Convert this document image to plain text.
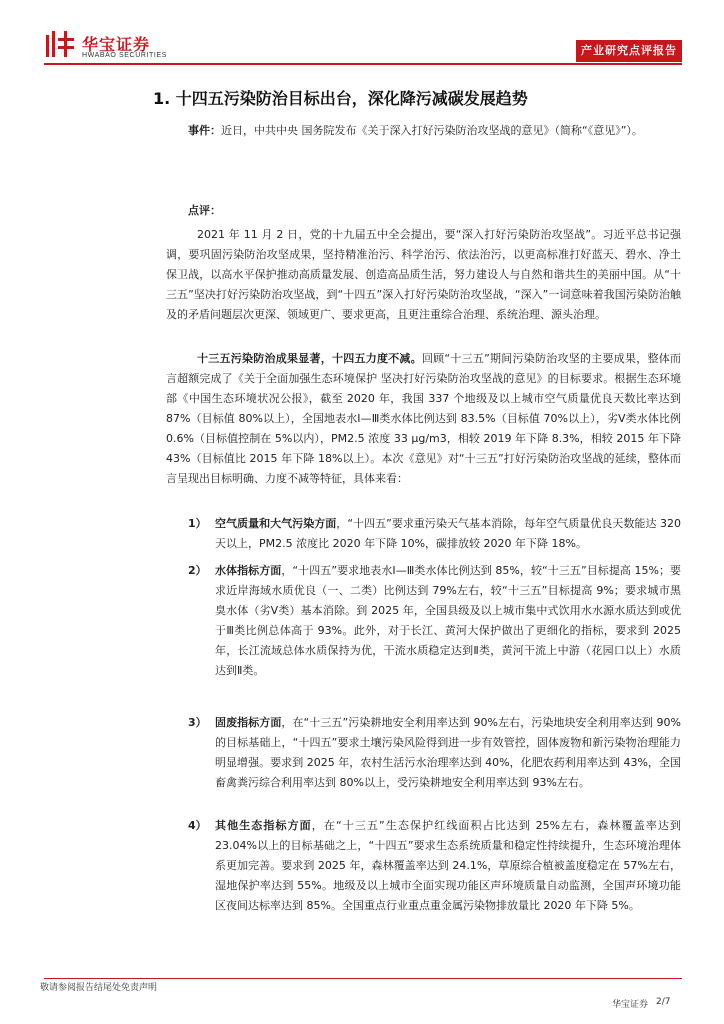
华宝证券
HWABAO SECURITIES	产业研究点评报告
1. 十四五污染防治目标出台，深化降污减碳发展趋势

事件：近日，中共中央 国务院发布《关于深入打好污染防治攻坚战的意见》（简称“《意见》”）。

点评：

2021 年 11 月 2 日，党的十九届五中全会提出，要“深入打好污染防治攻坚战”。习近平总书记强调，要巩固污染防治攻坚成果，坚持精准治污、科学治污、依法治污，以更高标准打好蓝天、碧水、净土保卫战，以高水平保护推动高质量发展、创造高品质生活，努力建设人与自然和谐共生的美丽中国。从“十三五”坚决打好污染防治攻坚战，到“十四五”深入打好污染防治攻坚战，“深入”一词意味着我国污染防治触及的矛盾问题层次更深、领域更广、要求更高，且更注重综合治理、系统治理、源头治理。

十三五污染防治成果显著，十四五力度不减。回顾“十三五”期间污染防治攻坚的主要成果，整体而言超额完成了《关于全面加强生态环境保护 坚决打好污染防治攻坚战的意见》的目标要求。根据生态环境部《中国生态环境状况公报》，截至 2020 年，我国 337 个地级及以上城市空气质量优良天数比率达到 87%（目标值 80%以上），全国地表水Ⅰ—Ⅲ类水体比例达到 83.5%（目标值 70%以上），劣Ⅴ类水体比例 0.6%（目标值控制在 5%以内），PM2.5 浓度 33 μg/m3，相较 2019 年下降 8.3%，相较 2015 年下降 43%（目标值比 2015 年下降 18%以上）。本次《意见》对“十三五”打好污染防治攻坚战的延续，整体而言呈现出目标明确、力度不减等特征，具体来看：

1） 空气质量和大气污染方面，“十四五”要求重污染天气基本消除，每年空气质量优良天数能达 320 天以上，PM2.5 浓度比 2020 年下降 10%，碳排放较 2020 年下降 18%。
2） 水体指标方面，“十四五”要求地表水Ⅰ—Ⅲ类水体比例达到 85%，较“十三五”目标提高 15%；要求近岸海域水质优良（一、二类）比例达到 79%左右，较“十三五”目标提高 9%；要求城市黑臭水体（劣Ⅴ类）基本消除。到 2025 年，全国县级及以上城市集中式饮用水水源水质达到或优于Ⅲ类比例总体高于 93%。此外，对于长江、黄河大保护做出了更细化的指标，要求到 2025 年，长江流域总体水质保持为优，干流水质稳定达到Ⅱ类，黄河干流上中游（花园口以上）水质达到Ⅱ类。
3） 固废指标方面，在“十三五”污染耕地安全利用率达到 90%左右，污染地块安全利用率达到 90%的目标基础上，“十四五”要求土壤污染风险得到进一步有效管控，固体废物和新污染物治理能力明显增强。要求到 2025 年，农村生活污水治理率达到 40%，化肥农药利用率达到 43%，全国畜禽粪污综合利用率达到 80%以上，受污染耕地安全利用率达到 93%左右。
4） 其他生态指标方面，在“十三五”生态保护红线面积占比达到 25%左右，森林覆盖率达到 23.04%以上的目标基础之上，“十四五”要求生态系统质量和稳定性持续提升，生态环境治理体系更加完善。要求到 2025 年，森林覆盖率达到 24.1%，草原综合植被盖度稳定在 57%左右，湿地保护率达到 55%。地级及以上城市全面实现功能区声环境质量自动监测，全国声环境功能区夜间达标率达到 85%。全国重点行业重点重金属污染物排放量比 2020 年下降 5%。
敬请参阅报告结尾处免责声明
华宝证券 2/7
